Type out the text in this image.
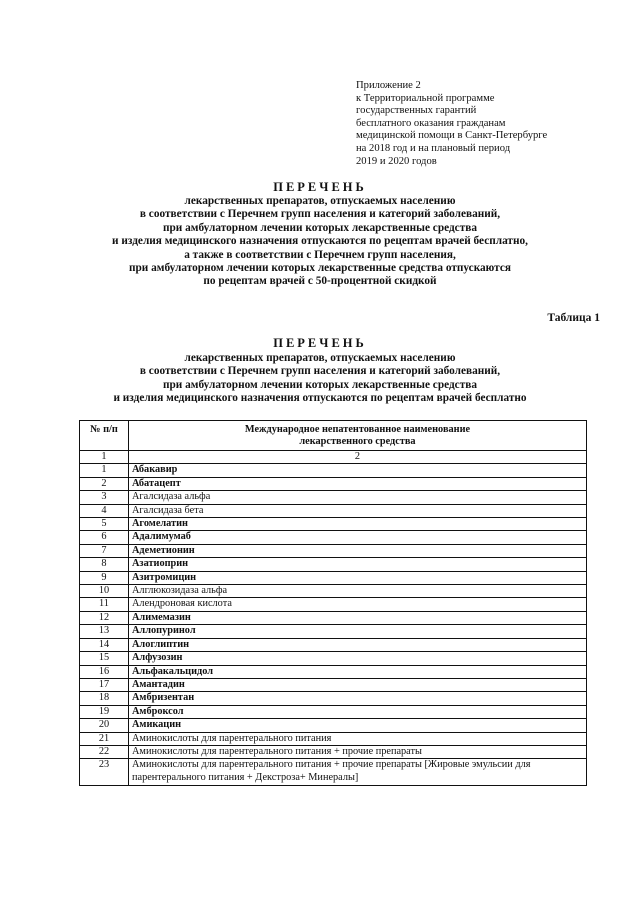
Приложение 2
к Территориальной программе
государственных гарантий
бесплатного оказания гражданам
медицинской помощи в Санкт-Петербурге
на 2018 год и на плановый период
2019 и 2020 годов
ПЕРЕЧЕНЬ
лекарственных препаратов, отпускаемых населению
в соответствии с Перечнем групп населения и категорий заболеваний,
при амбулаторном лечении которых лекарственные средства
и изделия медицинского назначения отпускаются по рецептам врачей бесплатно,
а также в соответствии с Перечнем групп населения,
при амбулаторном лечении которых лекарственные средства отпускаются
по рецептам врачей с 50-процентной скидкой
Таблица 1
ПЕРЕЧЕНЬ
лекарственных препаратов, отпускаемых населению
в соответствии с Перечнем групп населения и категорий заболеваний,
при амбулаторном лечении которых лекарственные средства
и изделия медицинского назначения отпускаются по рецептам врачей бесплатно
№ п/п	Международное непатентованное наименование
лекарственного средства

1	2
1	Абакавир
2	Абатацепт
3	Агалсидаза альфа
4	Агалсидаза бета
5	Агомелатин
6	Адалимумаб
7	Адеметионин
8	Азатиоприн
9	Азитромицин
10	Алглюкозидаза альфа
11	Алендроновая кислота
12	Алимемазин
13	Аллопуринол
14	Алоглиптин
15	Алфузозин
16	Альфакальцидол
17	Амантадин
18	Амбризентан
19	Амброксол
20	Амикацин
21	Аминокислоты для парентерального питания
22	Аминокислоты для парентерального питания + прочие препараты
23	Аминокислоты для парентерального питания + прочие препараты [Жировые эмульсии для парентерального питания + Декстроза+ Минералы]
